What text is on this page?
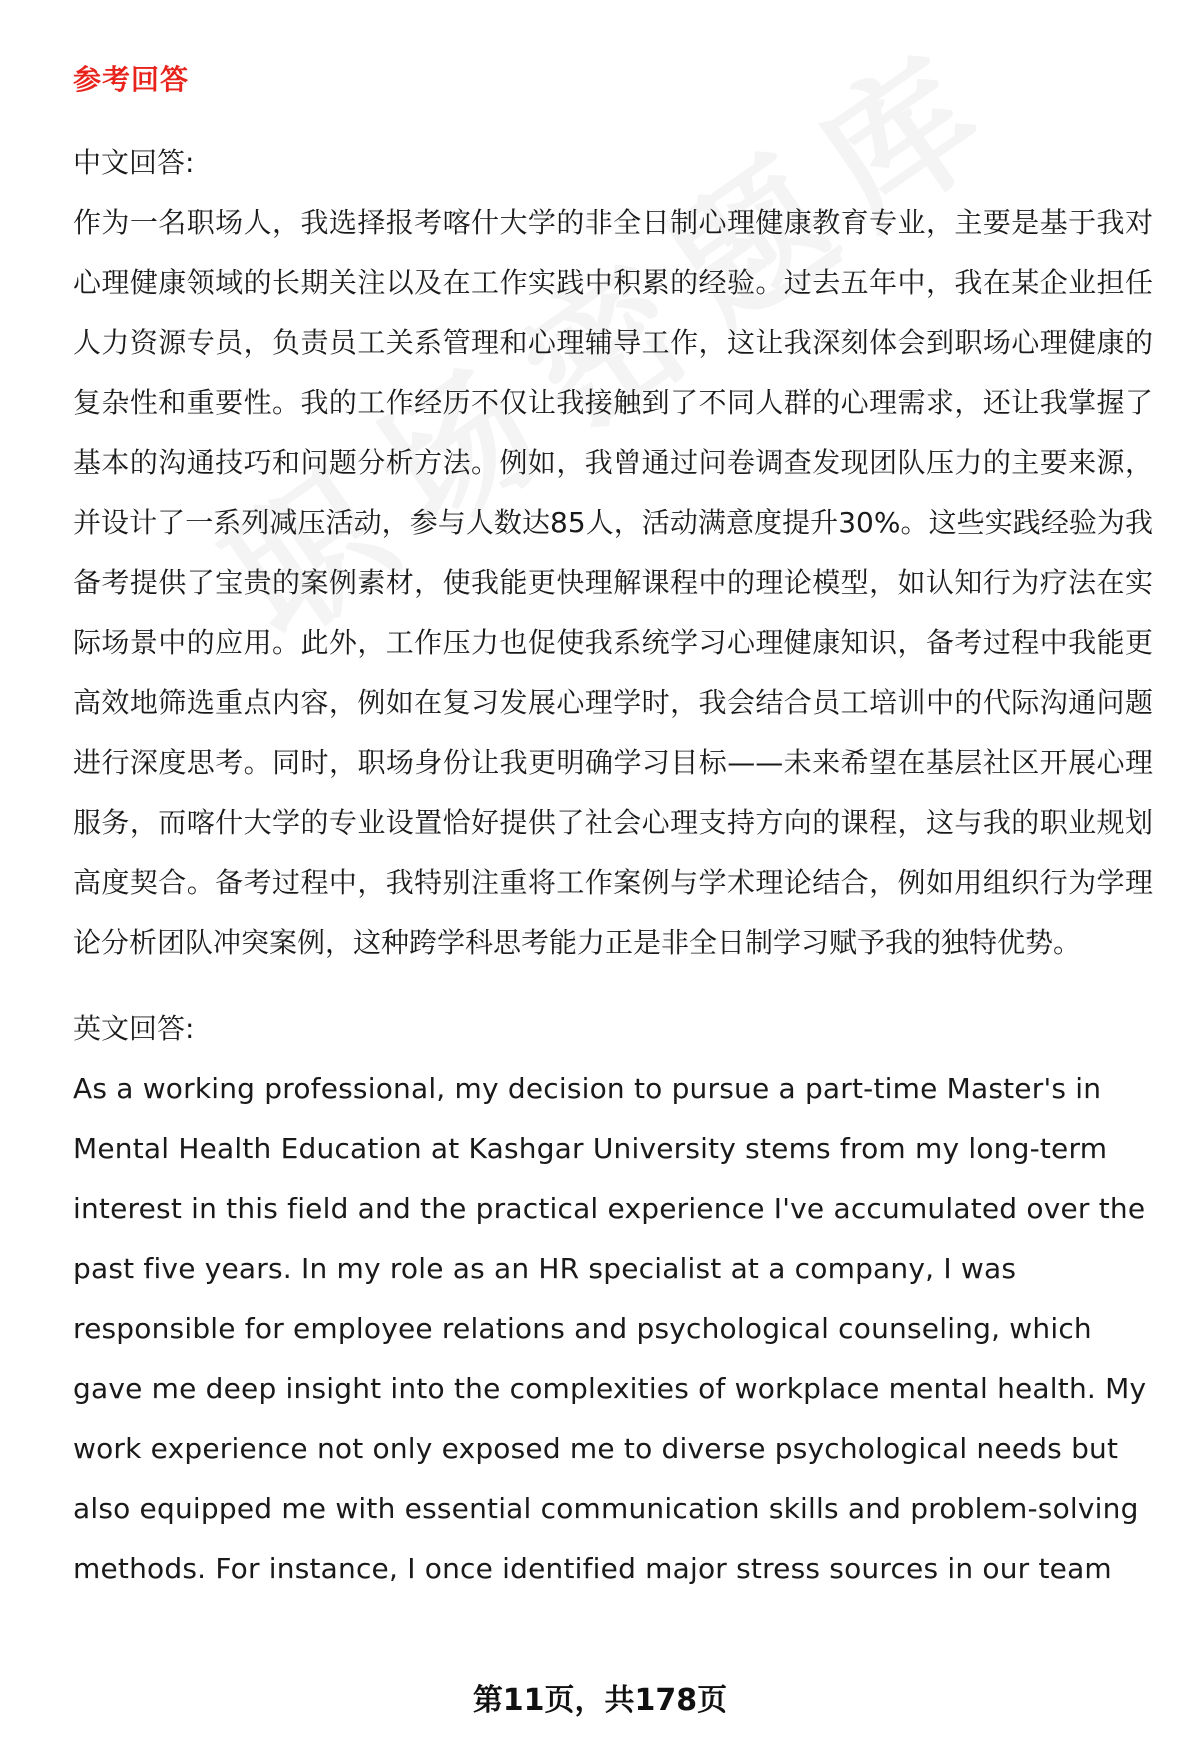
参考回答
中文回答:

作为一名职场人，我选择报考喀什大学的非全日制心理健康教育专业，主要是基于我对心理健康领域的长期关注以及在工作实践中积累的经验。过去五年中，我在某企业担任人力资源专员，负责员工关系管理和心理辅导工作，这让我深刻体会到职场心理健康的复杂性和重要性。我的工作经历不仅让我接触到了不同人群的心理需求，还让我掌握了基本的沟通技巧和问题分析方法。例如，我曾通过问卷调查发现团队压力的主要来源，并设计了一系列减压活动，参与人数达85人，活动满意度提升30%。这些实践经验为我备考提供了宝贵的案例素材，使我能更快理解课程中的理论模型，如认知行为疗法在实际场景中的应用。此外，工作压力也促使我系统学习心理健康知识，备考过程中我能更高效地筛选重点内容，例如在复习发展心理学时，我会结合员工培训中的代际沟通问题进行深度思考。同时，职场身份让我更明确学习目标——未来希望在基层社区开展心理服务，而喀什大学的专业设置恰好提供了社会心理支持方向的课程，这与我的职业规划高度契合。备考过程中，我特别注重将工作案例与学术理论结合，例如用组织行为学理论分析团队冲突案例，这种跨学科思考能力正是非全日制学习赋予我的独特优势。

英文回答:

As a working professional, my decision to pursue a part-time Master's in Mental Health Education at Kashgar University stems from my long-term interest in this field and the practical experience I've accumulated over the past five years. In my role as an HR specialist at a company, I was responsible for employee relations and psychological counseling, which gave me deep insight into the complexities of workplace mental health. My work experience not only exposed me to diverse psychological needs but also equipped me with essential communication skills and problem-solving methods. For instance, I once identified major stress sources in our team

第11页，共178页
